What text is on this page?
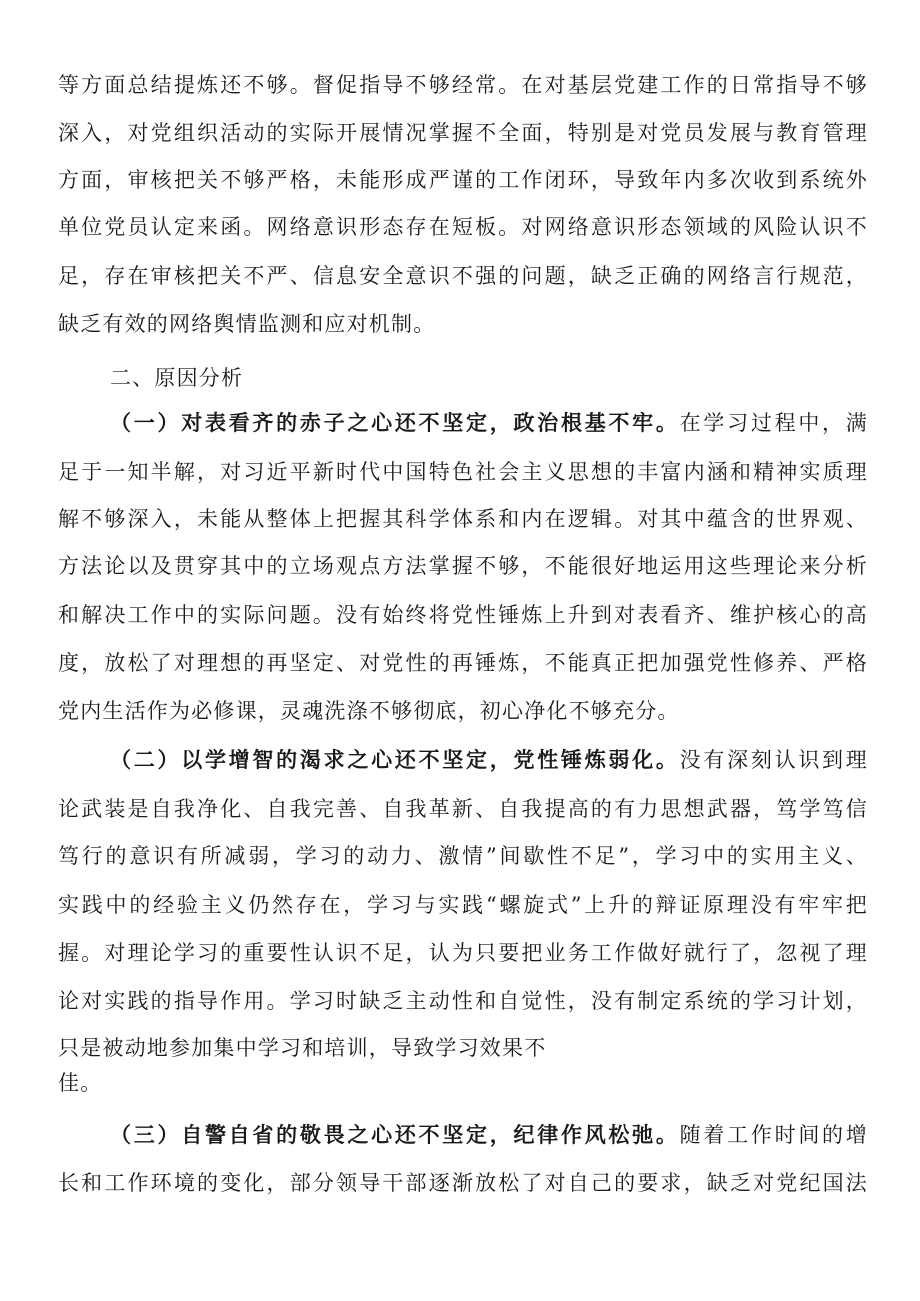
等方面总结提炼还不够。督促指导不够经常。在对基层党建工作的日常指导不够
深入，对党组织活动的实际开展情况掌握不全面，特别是对党员发展与教育管理
方面，审核把关不够严格，未能形成严谨的工作闭环，导致年内多次收到系统外
单位党员认定来函。网络意识形态存在短板。对网络意识形态领域的风险认识不
足，存在审核把关不严、信息安全意识不强的问题，缺乏正确的网络言行规范，
缺乏有效的网络舆情监测和应对机制。
二、原因分析
（一）对表看齐的赤子之心还不坚定，政治根基不牢。在学习过程中，满
足于一知半解，对习近平新时代中国特色社会主义思想的丰富内涵和精神实质理
解不够深入，未能从整体上把握其科学体系和内在逻辑。对其中蕴含的世界观、
方法论以及贯穿其中的立场观点方法掌握不够，不能很好地运用这些理论来分析
和解决工作中的实际问题。没有始终将党性锤炼上升到对表看齐、维护核心的高
度，放松了对理想的再坚定、对党性的再锤炼，不能真正把加强党性修养、严格
党内生活作为必修课，灵魂洗涤不够彻底，初心净化不够充分。
（二）以学增智的渴求之心还不坚定，党性锤炼弱化。没有深刻认识到理
论武装是自我净化、自我完善、自我革新、自我提高的有力思想武器，笃学笃信
笃行的意识有所减弱，学习的动力、激情”间歇性不足”，学习中的实用主义、
实践中的经验主义仍然存在，学习与实践“螺旋式”上升的辩证原理没有牢牢把
握。对理论学习的重要性认识不足，认为只要把业务工作做好就行了，忽视了理
论对实践的指导作用。学习时缺乏主动性和自觉性，没有制定系统的学习计划，
只是被动地参加集中学习和培训，导致学习效果不
佳。
（三）自警自省的敬畏之心还不坚定，纪律作风松弛。随着工作时间的增
长和工作环境的变化，部分领导干部逐渐放松了对自己的要求，缺乏对党纪国法
